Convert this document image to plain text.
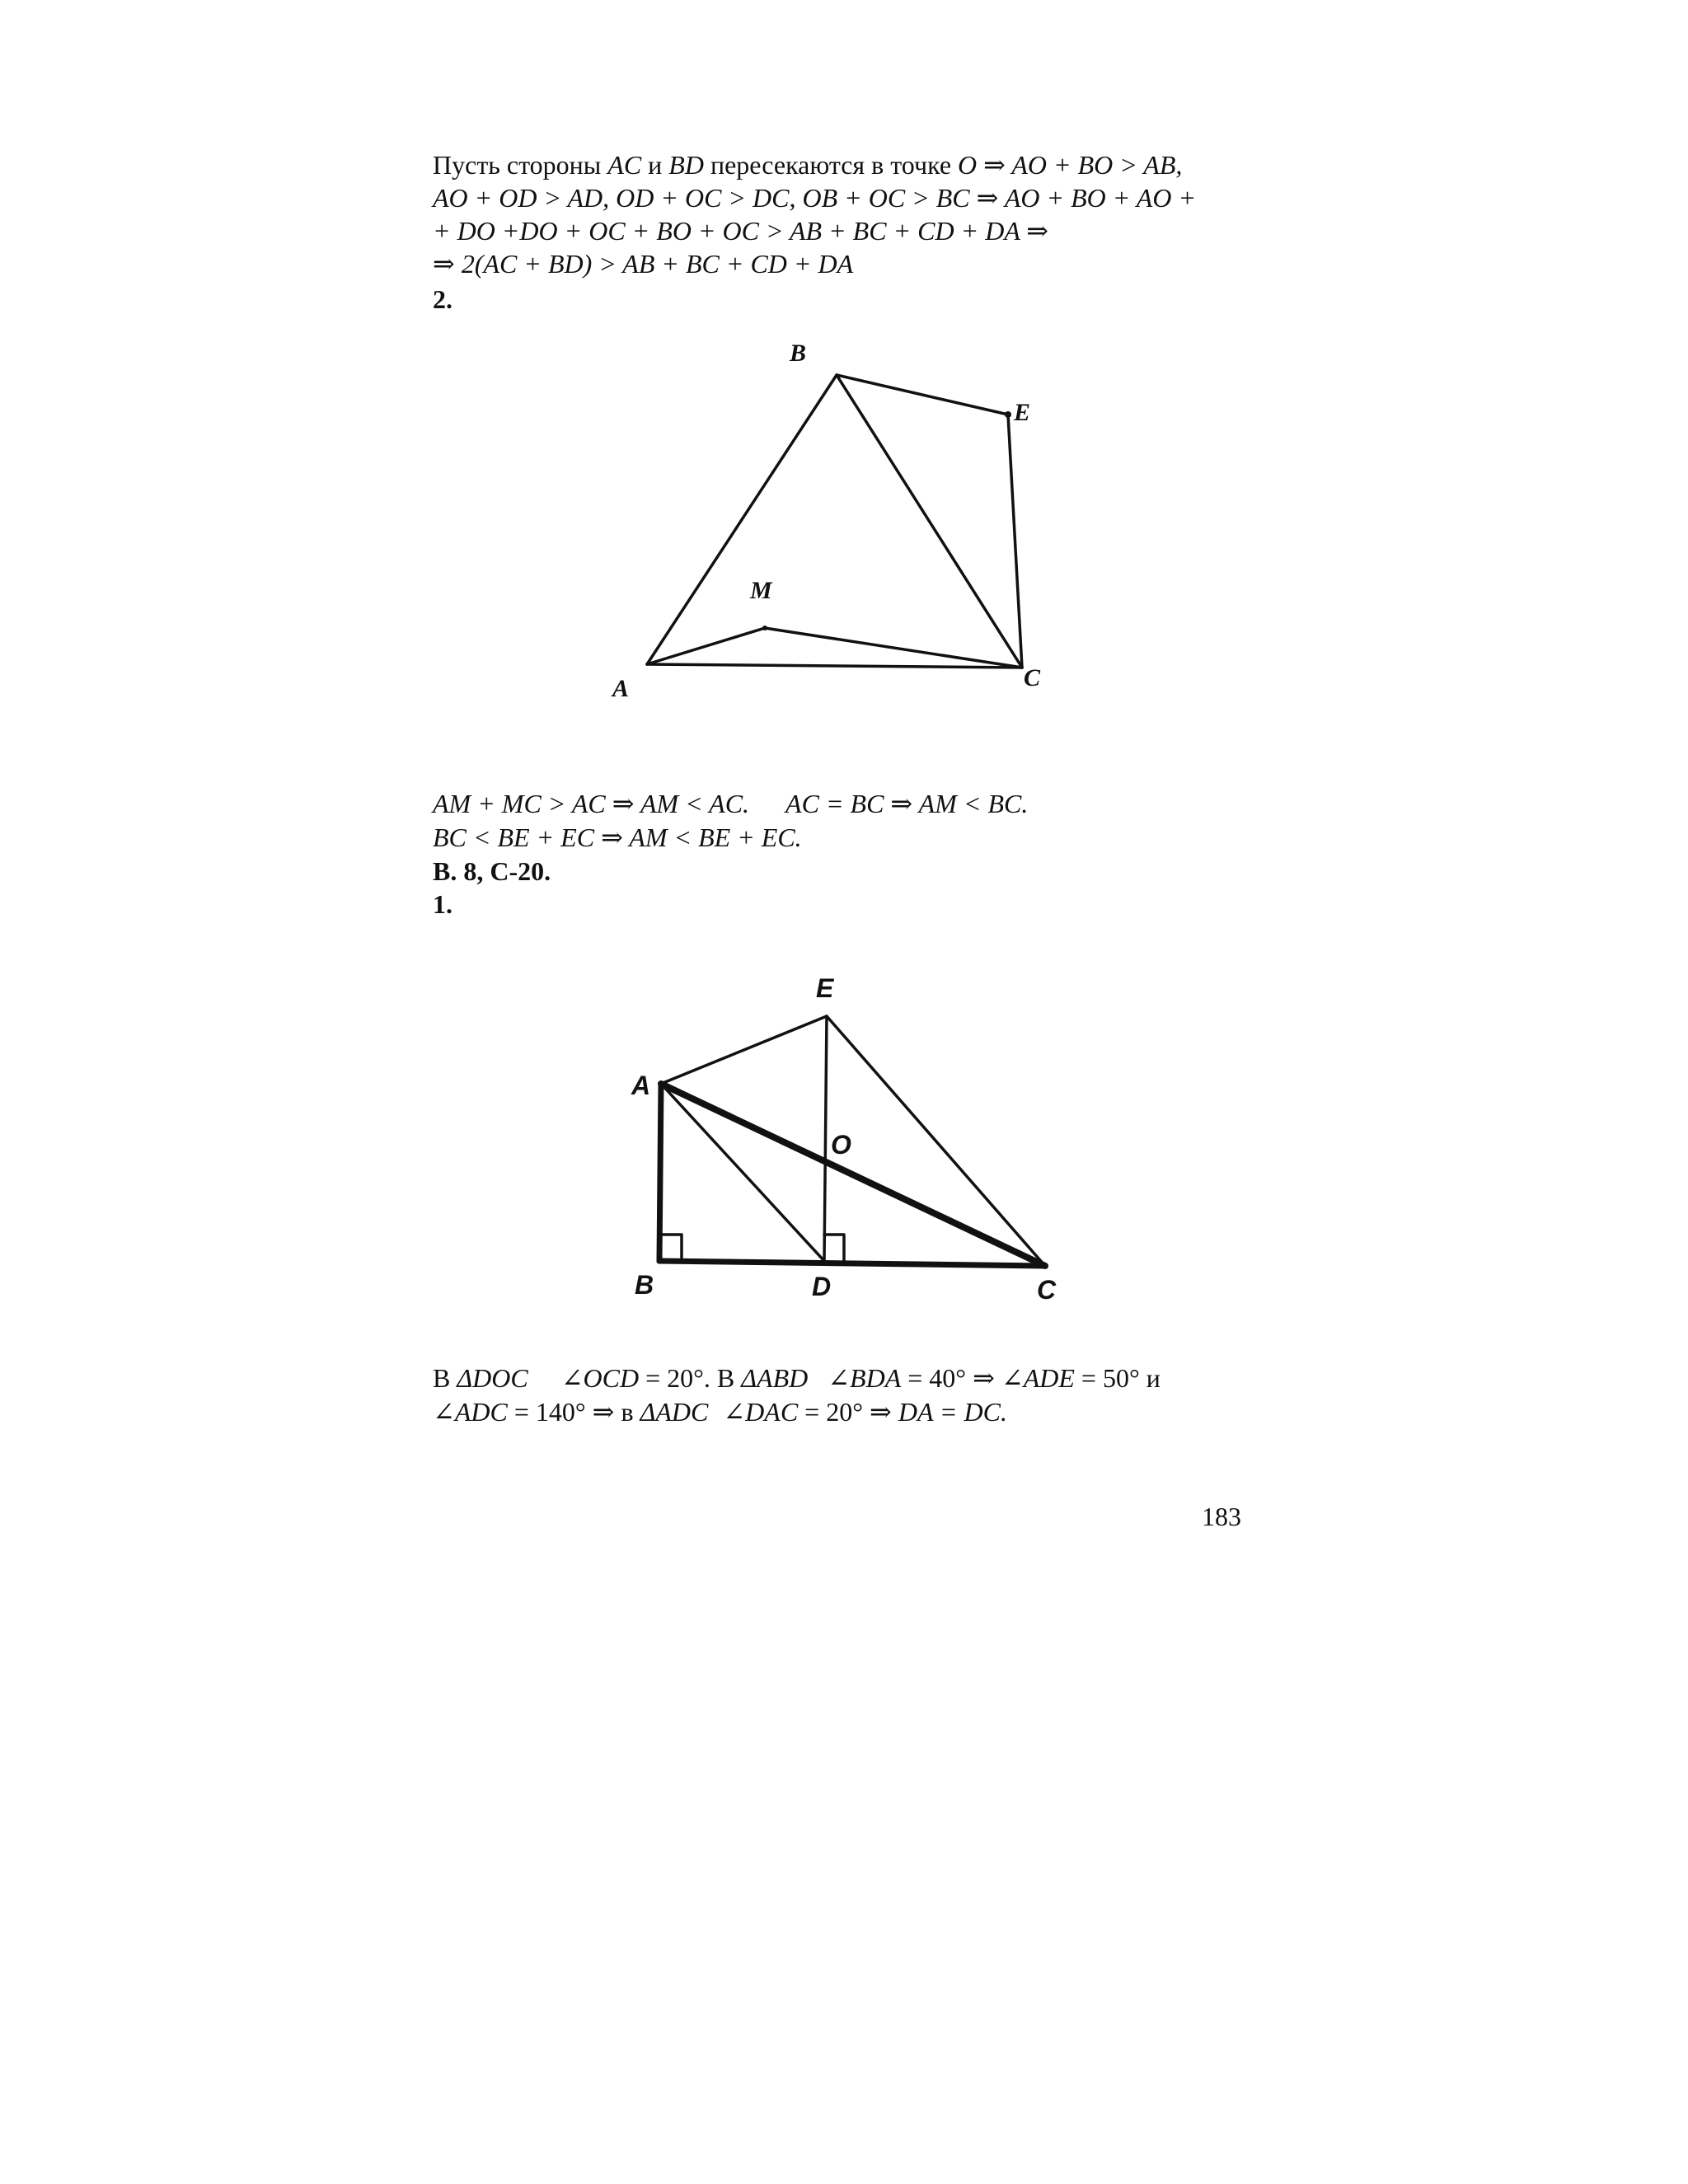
Пусть стороны AC и BD пересекаются в точке O ⇒ AO + BO > AB,
AO + OD > AD, OD + OC > DC, OB + OC > BC ⇒ AO + BO + AO +
+ DO +DO + OC + BO + OC > AB + BC + CD + DA ⇒
⇒ 2(AC + BD) > AB + BC + CD + DA
2.
B
E
M
A	C
E
A
O
B	D	C
AM + MC > AC ⇒ AM < AC. AC = BC ⇒ AM < BC.
BC < BE + EC ⇒ AM < BE + EC.
В. 8, С-20.
1.
В ΔDOC ∠OCD = 20°. В ΔABD ∠BDA = 40° ⇒ ∠ADE = 50° и
∠ADC = 140° ⇒ в ΔADC ∠DAC = 20° ⇒ DA = DC.
183
